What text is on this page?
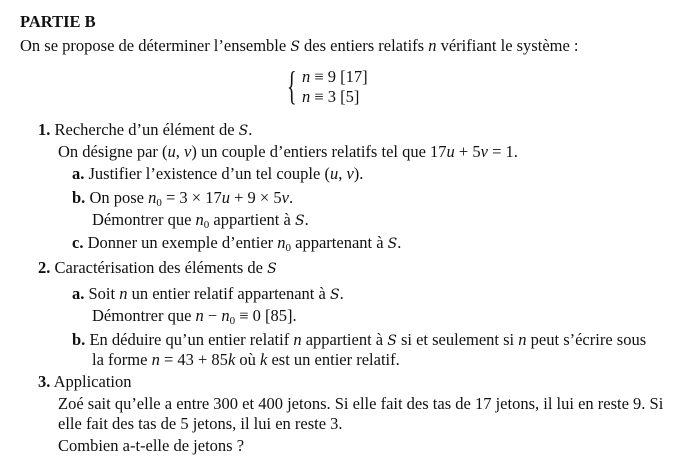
PARTIE B
{
On se propose de déterminer l’ensemble S des entiers relatifs n vérifiant le système :
n ≡ 9 [17]
n ≡ 3 [5]
1. Recherche d’un élément de S.
On désigne par (u, v) un couple d’entiers relatifs tel que 17u + 5v = 1.
a. Justifier l’existence d’un tel couple (u, v).
b. On pose $n_0 = 3 \times 17u + 9 \times 5v$.
Démontrer que $n_0$ appartient à S.
c. Donner un exemple d’entier $n_0$ appartenant à S.
2. Caractérisation des éléments de S
a. Soit n un entier relatif appartenant à S.
Démontrer que $n - n_0 \equiv 0$ [85].
b. En déduire qu’un entier relatif n appartient à S si et seulement si n peut s’écrire sous
la forme n = 43 + 85k où k est un entier relatif.
3. Application
Zoé sait qu’elle a entre 300 et 400 jetons. Si elle fait des tas de 17 jetons, il lui en reste 9. Si
elle fait des tas de 5 jetons, il lui en reste 3.
Combien a-t-elle de jetons ?
